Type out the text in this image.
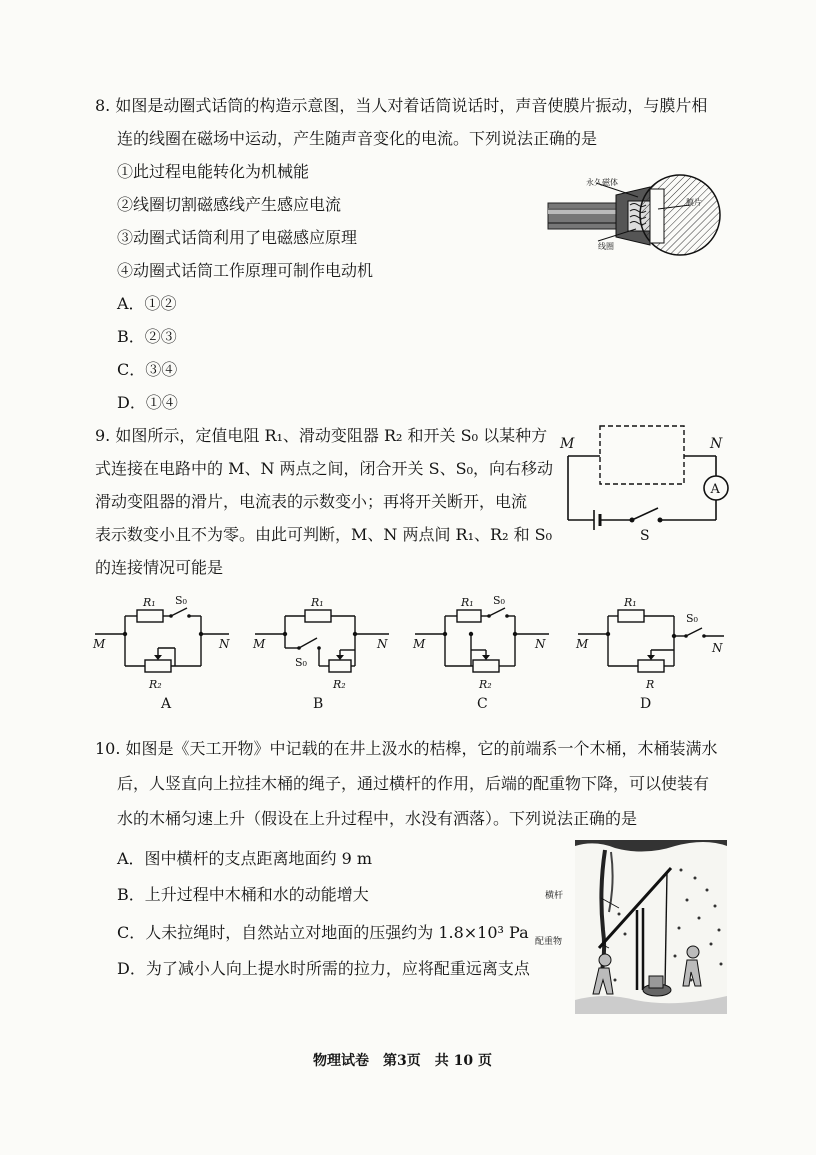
8. 如图是动圈式话筒的构造示意图，当人对着话筒说话时，声音使膜片振动，与膜片相
连的线圈在磁场中运动，产生随声音变化的电流。下列说法正确的是
①此过程电能转化为机械能
②线圈切割磁感线产生感应电流
③动圈式话筒利用了电磁感应原理
④动圈式话筒工作原理可制作电动机
A．①②
B．②③
C．③④
D．①④
永久磁体
膜片
线圈
9. 如图所示，定值电阻 R₁、滑动变阻器 R₂ 和开关 S₀ 以某种方
式连接在电路中的 M、N 两点之间，闭合开关 S、S₀，向右移动
滑动变阻器的滑片，电流表的示数变小；再将开关断开，电流
表示数变小且不为零。由此可判断，M、N 两点间 R₁、R₂ 和 S₀
的连接情况可能是
A
M	N
S
R₁ S₀
R₂
M	N
A
R₁
S₀
R₂
M	N
B
R₁ S₀
R₂
M	N
C
R₁
S₀
R
M	N
D
10. 如图是《天工开物》中记载的在井上汲水的桔槔，它的前端系一个木桶，木桶装满水
后，人竖直向上拉挂木桶的绳子，通过横杆的作用，后端的配重物下降，可以使装有
水的木桶匀速上升（假设在上升过程中，水没有洒落）。下列说法正确的是
A．图中横杆的支点距离地面约 9 m
B．上升过程中木桶和水的动能增大
C．人未拉绳时，自然站立对地面的压强约为 1.8×10³ Pa
D．为了减小人向上提水时所需的拉力，应将配重远离支点
横杆
配重物
物理试卷　第3页　共 10 页
